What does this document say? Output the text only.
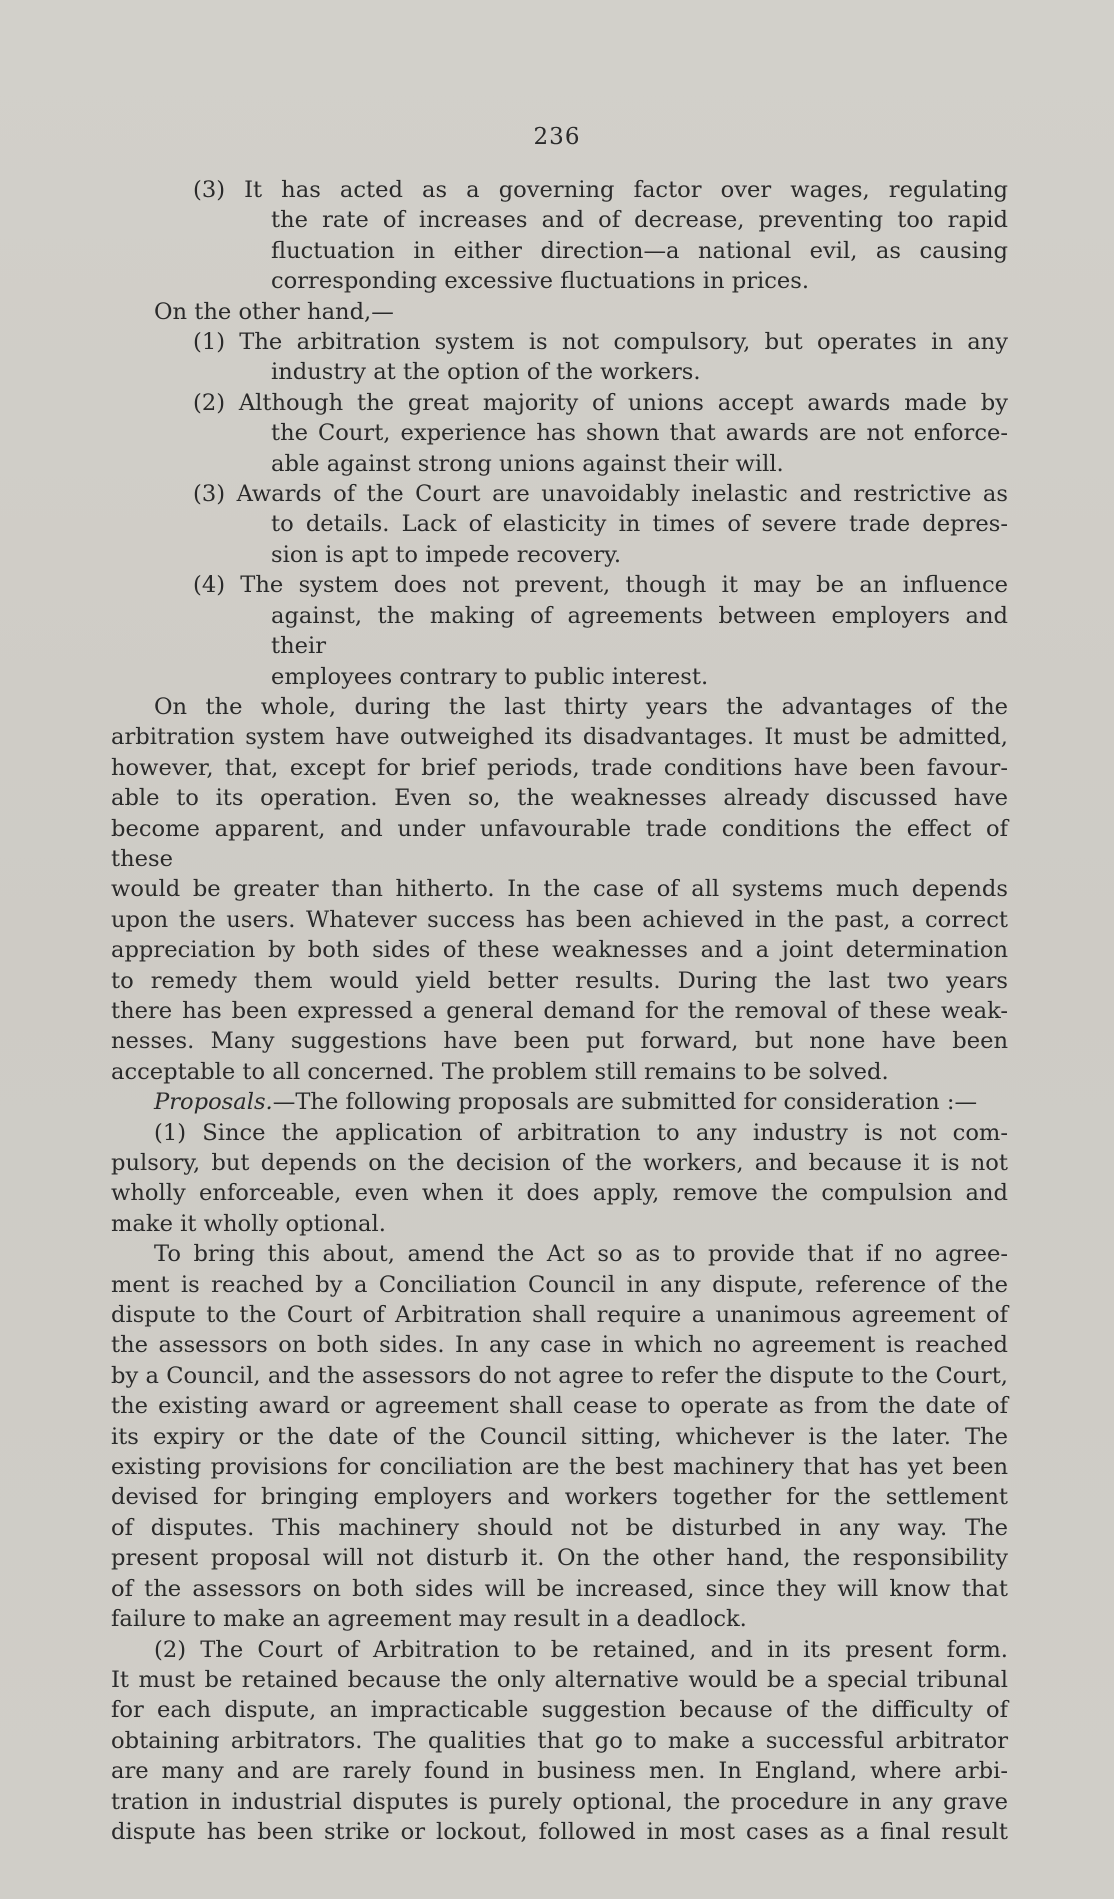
236
(3) It has acted as a governing factor over wages, regulating
the rate of increases and of decrease, preventing too rapid
fluctuation in either direction—a national evil, as causing
corresponding excessive fluctuations in prices.
On the other hand,—
(1) The arbitration system is not compulsory, but operates in any
industry at the option of the workers.
(2) Although the great majority of unions accept awards made by
the Court, experience has shown that awards are not enforce-
able against strong unions against their will.
(3) Awards of the Court are unavoidably inelastic and restrictive as
to details. Lack of elasticity in times of severe trade depres-
sion is apt to impede recovery.
(4) The system does not prevent, though it may be an influence
against, the making of agreements between employers and their
employees contrary to public interest.
On the whole, during the last thirty years the advantages of the
arbitration system have outweighed its disadvantages. It must be admitted,
however, that, except for brief periods, trade conditions have been favour-
able to its operation. Even so, the weaknesses already discussed have
become apparent, and under unfavourable trade conditions the effect of these
would be greater than hitherto. In the case of all systems much depends
upon the users. Whatever success has been achieved in the past, a correct
appreciation by both sides of these weaknesses and a joint determination
to remedy them would yield better results. During the last two years
there has been expressed a general demand for the removal of these weak-
nesses. Many suggestions have been put forward, but none have been
acceptable to all concerned. The problem still remains to be solved.
Proposals.—The following proposals are submitted for consideration :—
(1) Since the application of arbitration to any industry is not com-
pulsory, but depends on the decision of the workers, and because it is not
wholly enforceable, even when it does apply, remove the compulsion and
make it wholly optional.
To bring this about, amend the Act so as to provide that if no agree-
ment is reached by a Conciliation Council in any dispute, reference of the
dispute to the Court of Arbitration shall require a unanimous agreement of
the assessors on both sides. In any case in which no agreement is reached
by a Council, and the assessors do not agree to refer the dispute to the Court,
the existing award or agreement shall cease to operate as from the date of
its expiry or the date of the Council sitting, whichever is the later. The
existing provisions for conciliation are the best machinery that has yet been
devised for bringing employers and workers together for the settlement
of disputes. This machinery should not be disturbed in any way. The
present proposal will not disturb it. On the other hand, the responsibility
of the assessors on both sides will be increased, since they will know that
failure to make an agreement may result in a deadlock.
(2) The Court of Arbitration to be retained, and in its present form.
It must be retained because the only alternative would be a special tribunal
for each dispute, an impracticable suggestion because of the difficulty of
obtaining arbitrators. The qualities that go to make a successful arbitrator
are many and are rarely found in business men. In England, where arbi-
tration in industrial disputes is purely optional, the procedure in any grave
dispute has been strike or lockout, followed in most cases as a final result
